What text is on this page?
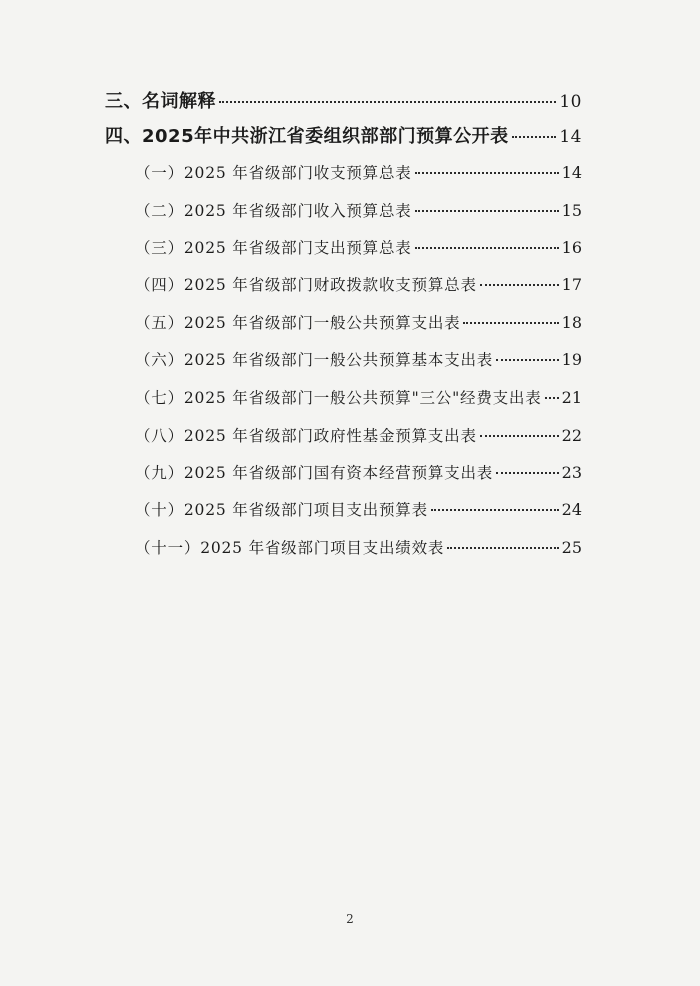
三、名词解释	10
四、2025年中共浙江省委组织部部门预算公开表	14
（一）2025 年省级部门收支预算总表	14
（二）2025 年省级部门收入预算总表	15
（三）2025 年省级部门支出预算总表	16
（四）2025 年省级部门财政拨款收支预算总表	17
（五）2025 年省级部门一般公共预算支出表	18
（六）2025 年省级部门一般公共预算基本支出表	19
（七）2025 年省级部门一般公共预算"三公"经费支出表 21
（八）2025 年省级部门政府性基金预算支出表	22
（九）2025 年省级部门国有资本经营预算支出表	23
（十）2025 年省级部门项目支出预算表	24
（十一）2025 年省级部门项目支出绩效表	25
2
